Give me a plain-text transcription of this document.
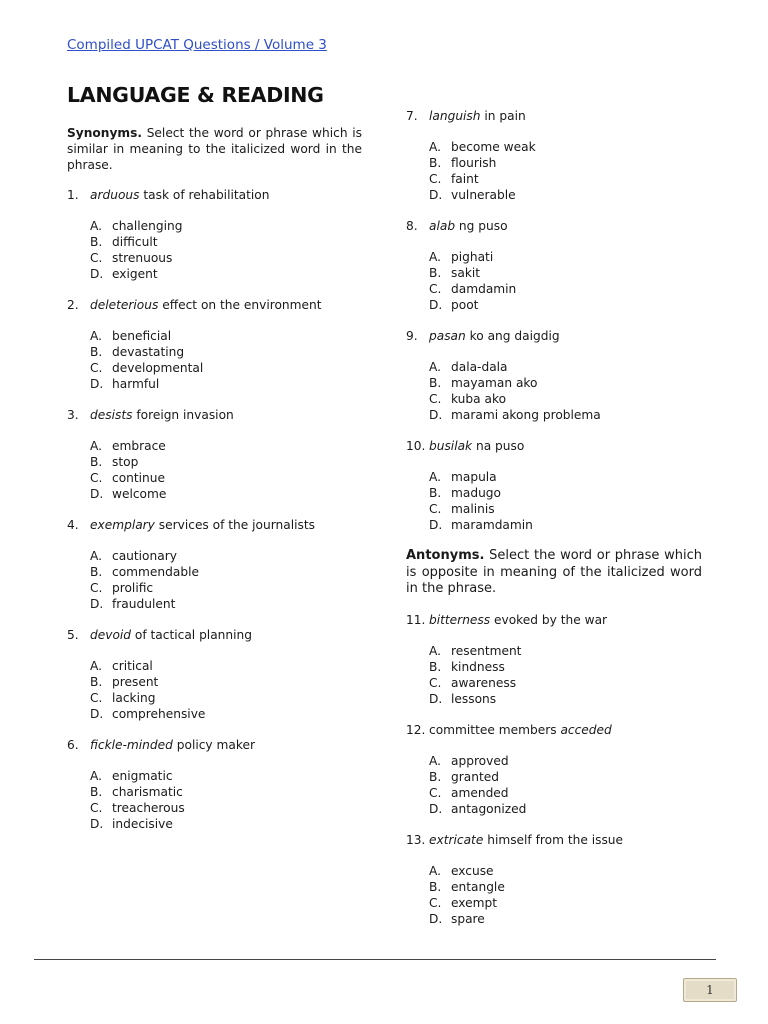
Compiled UPCAT Questions / Volume 3
LANGUAGE & READING

Synonyms. Select the word or phrase which is similar in meaning to the italicized word in the phrase.

1. arduous task of rehabilitation
A. challenging
B. difficult
C. strenuous
D. exigent
2. deleterious effect on the environment
A. beneficial
B. devastating
C. developmental
D. harmful
3. desists foreign invasion
A. embrace
B. stop
C. continue
D. welcome
4. exemplary services of the journalists
A. cautionary
B. commendable
C. prolific
D. fraudulent
5. devoid of tactical planning
A. critical
B. present
C. lacking
D. comprehensive
6. fickle-minded policy maker
A. enigmatic
B. charismatic
C. treacherous
D. indecisive
7. languish in pain
A. become weak
B. flourish
C. faint
D. vulnerable
8. alab ng puso
A. pighati
B. sakit
C. damdamin
D. poot
9. pasan ko ang daigdig
A. dala-dala
B. mayaman ako
C. kuba ako
D. marami akong problema
10. busilak na puso
A. mapula
B. madugo
C. malinis
D. maramdamin

Antonyms. Select the word or phrase which is opposite in meaning of the italicized word in the phrase.

11. bitterness evoked by the war
A. resentment
B. kindness
C. awareness
D. lessons
12. committee members acceded
A. approved
B. granted
C. amended
D. antagonized
13. extricate himself from the issue
A. excuse
B. entangle
C. exempt
D. spare
1
